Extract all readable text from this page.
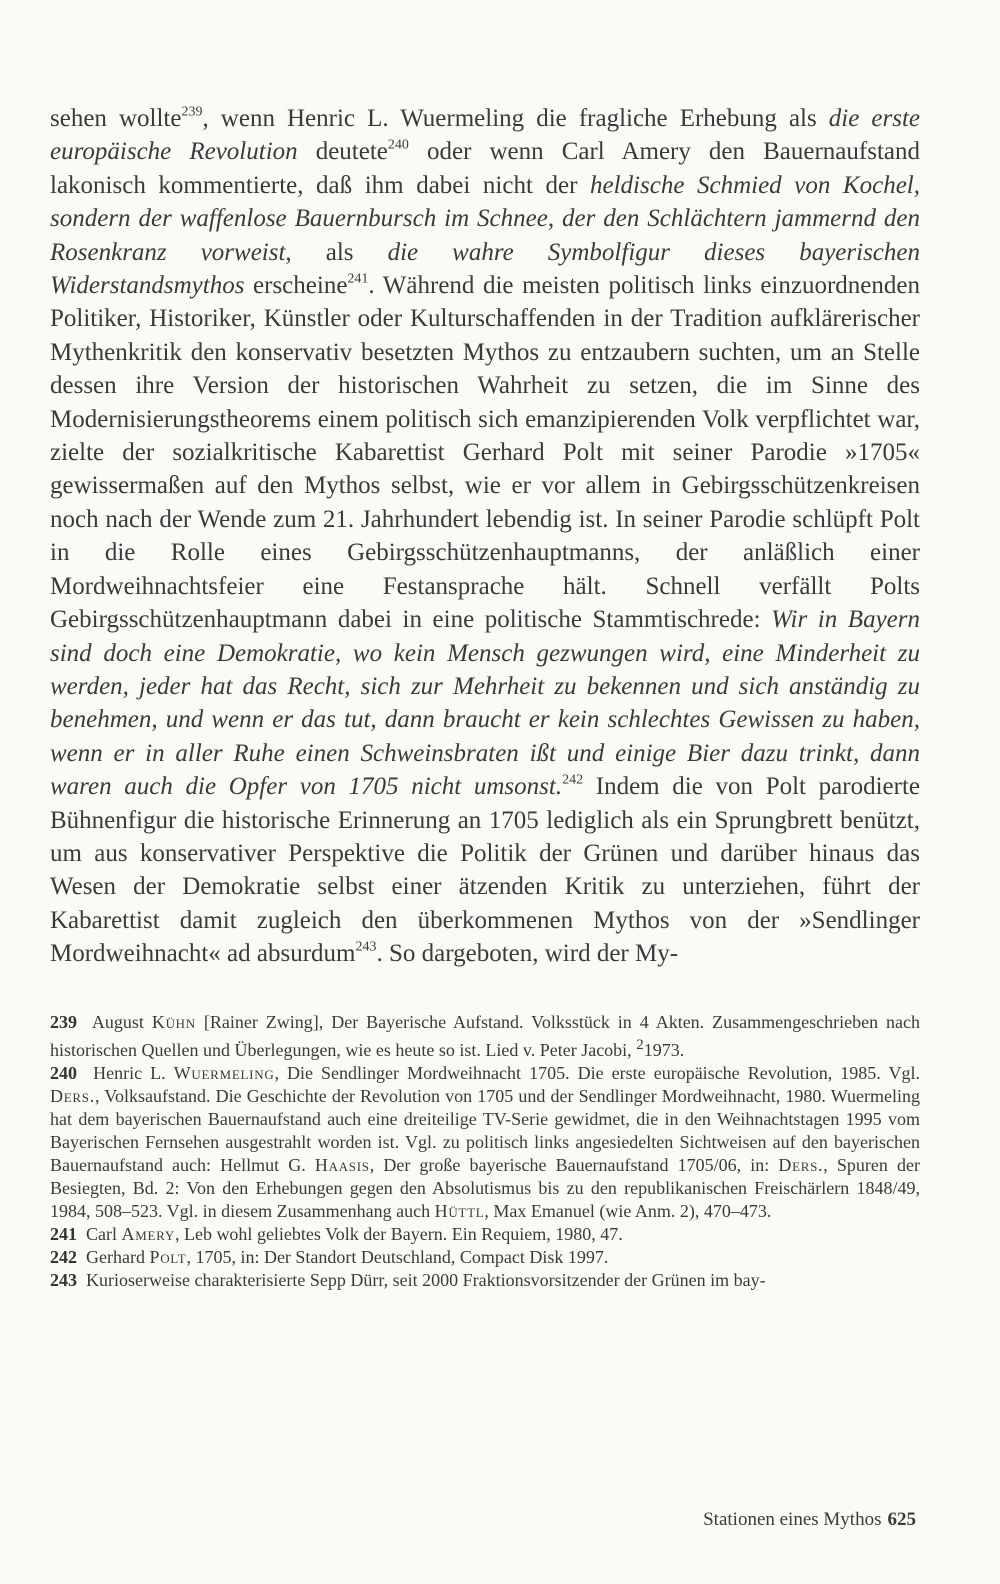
sehen wollte$^{239}$, wenn Henric L. Wuermeling die fragliche Erhebung als die erste europäische Revolution deutete$^{240}$ oder wenn Carl Amery den Bauernaufstand lakonisch kommentierte, daß ihm dabei nicht der heldische Schmied von Kochel, sondern der waffenlose Bauernbursch im Schnee, der den Schlächtern jammernd den Rosenkranz vorweist, als die wahre Symbolfigur dieses bayerischen Widerstandsmythos erscheine$^{241}$. Während die meisten politisch links einzuordnenden Politiker, Historiker, Künstler oder Kulturschaffenden in der Tradition aufklärerischer Mythenkritik den konservativ besetzten Mythos zu entzaubern suchten, um an Stelle dessen ihre Version der historischen Wahrheit zu setzen, die im Sinne des Modernisierungstheorems einem politisch sich emanzipierenden Volk verpflichtet war, zielte der sozialkritische Kabarettist Gerhard Polt mit seiner Parodie »1705« gewissermaßen auf den Mythos selbst, wie er vor allem in Gebirgsschützenkreisen noch nach der Wende zum 21. Jahrhundert lebendig ist. In seiner Parodie schlüpft Polt in die Rolle eines Gebirgsschützenhauptmanns, der anläßlich einer Mordweihnachtsfeier eine Festansprache hält. Schnell verfällt Polts Gebirgsschützenhauptmann dabei in eine politische Stammtischrede: Wir in Bayern sind doch eine Demokratie, wo kein Mensch gezwungen wird, eine Minderheit zu werden, jeder hat das Recht, sich zur Mehrheit zu bekennen und sich anständig zu benehmen, und wenn er das tut, dann braucht er kein schlechtes Gewissen zu haben, wenn er in aller Ruhe einen Schweinsbraten ißt und einige Bier dazu trinkt, dann waren auch die Opfer von 1705 nicht umsonst.$^{242}$ Indem die von Polt parodierte Bühnenfigur die historische Erinnerung an 1705 lediglich als ein Sprungbrett benützt, um aus konservativer Perspektive die Politik der Grünen und darüber hinaus das Wesen der Demokratie selbst einer ätzenden Kritik zu unterziehen, führt der Kabarettist damit zugleich den überkommenen Mythos von der »Sendlinger Mordweihnacht« ad absurdum$^{243}$. So dargeboten, wird der My-

239 August Kühn [Rainer Zwing], Der Bayerische Aufstand. Volksstück in 4 Akten. Zusammengeschrieben nach historischen Quellen und Überlegungen, wie es heute so ist. Lied v. Peter Jacobi, $^2$1973.

240 Henric L. Wuermeling, Die Sendlinger Mordweihnacht 1705. Die erste europäische Revolution, 1985. Vgl. Ders., Volksaufstand. Die Geschichte der Revolution von 1705 und der Sendlinger Mordweihnacht, 1980. Wuermeling hat dem bayerischen Bauernaufstand auch eine dreiteilige TV-Serie gewidmet, die in den Weihnachtstagen 1995 vom Bayerischen Fernsehen ausgestrahlt worden ist. Vgl. zu politisch links angesiedelten Sichtweisen auf den bayerischen Bauernaufstand auch: Hellmut G. Haasis, Der große bayerische Bauernaufstand 1705/06, in: Ders., Spuren der Besiegten, Bd. 2: Von den Erhebungen gegen den Absolutismus bis zu den republikanischen Freischärlern 1848/49, 1984, 508–523. Vgl. in diesem Zusammenhang auch Hüttl, Max Emanuel (wie Anm. 2), 470–473.

241 Carl Amery, Leb wohl geliebtes Volk der Bayern. Ein Requiem, 1980, 47.

242 Gerhard Polt, 1705, in: Der Standort Deutschland, Compact Disk 1997.

243 Kurioserweise charakterisierte Sepp Dürr, seit 2000 Fraktionsvorsitzender der Grünen im bay-

Stationen eines Mythos 625
